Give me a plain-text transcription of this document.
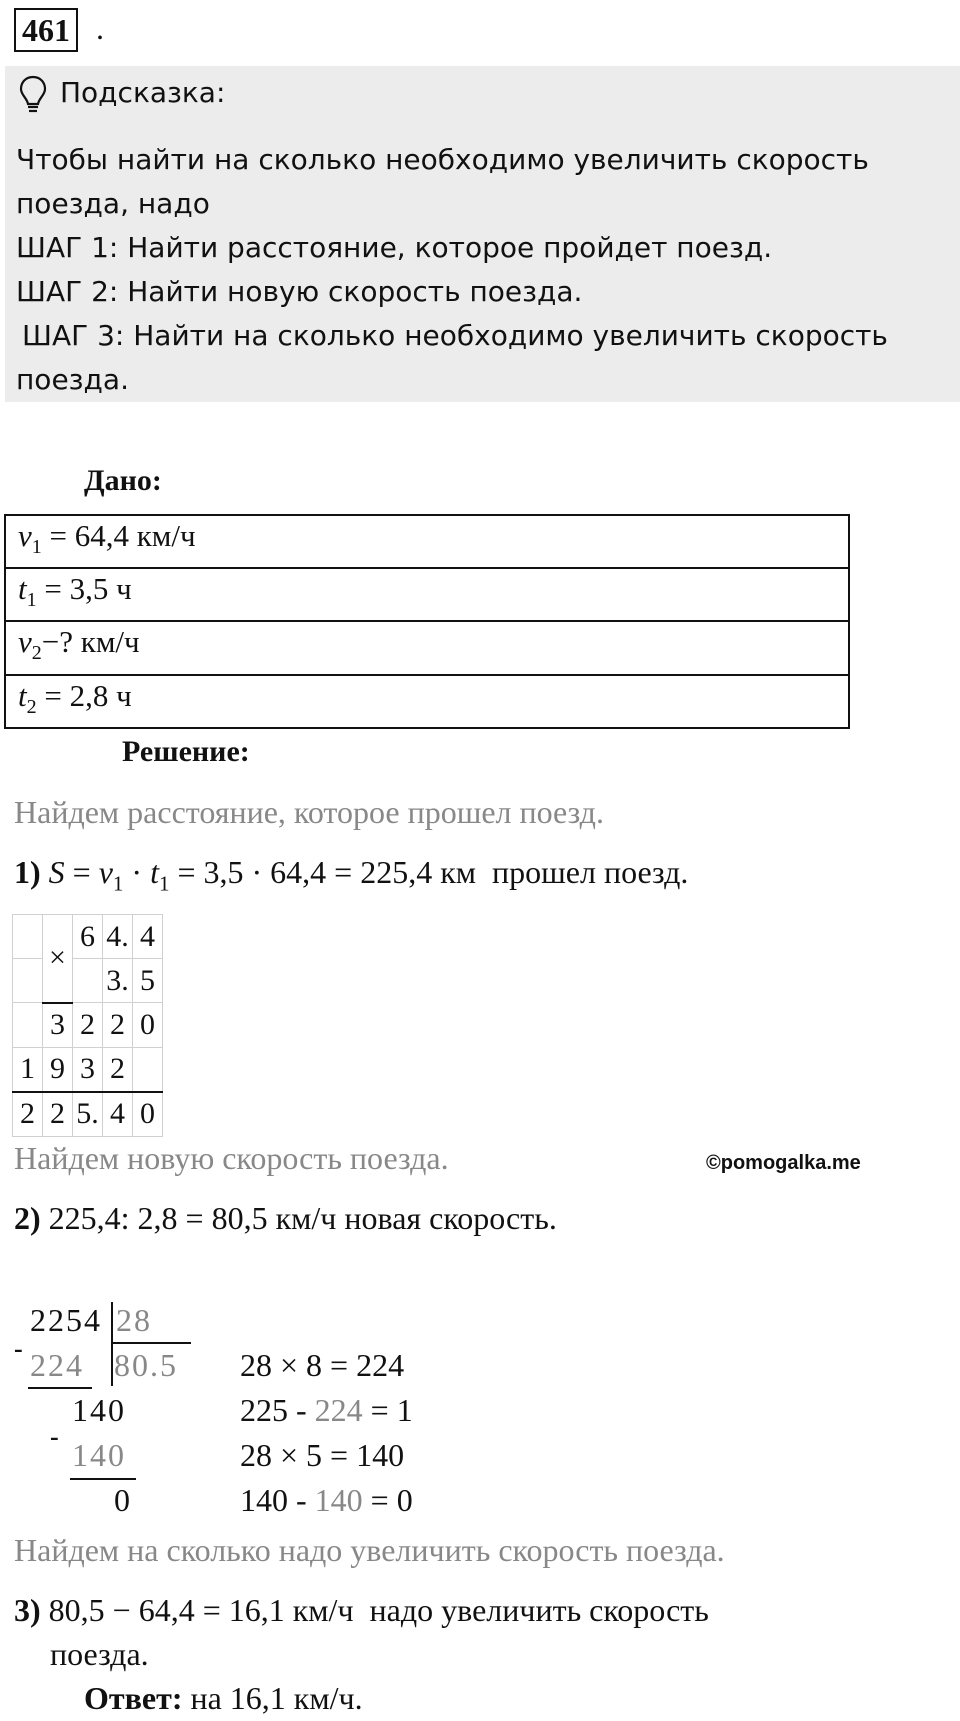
461 .
Подсказка:
Чтобы найти на сколько необходимо увеличить скорость
поезда, надо
ШАГ 1: Найти расстояние, которое пройдет поезд.
ШАГ 2: Найти новую скорость поезда.
ШАГ 3: Найти на сколько необходимо увеличить скорость
поезда.
Дано:
$v_1 = 64,4$ км/ч
$t_1 = 3,5$ ч
$v_2-$? км/ч
$t_2 = 2,8$ ч
Решение:
Найдем расстояние, которое прошел поезд.
1) $S = v_1 \cdot t_1 = 3,5 \cdot 64,4 = 225,4$ км прошел поезд.
	×	6	4.	4
			3.	5
	3	2	2	0
1	9	3	2	
2	2	5.	4	0
Найдем новую скорость поезда.	©pomogalka.me
2) 225,4: 2,8 = 80,5 км/ч новая скорость.
2254 28
- 224 80.5
140
-
140
0
28 × 8 = 224
225 - 224 = 1
28 × 5 = 140
140 - 140 = 0
Найдем на сколько надо увеличить скорость поезда.
3) 80,5 − 64,4 = 16,1 км/ч надо увеличить скорость
поезда.
Ответ: на 16,1 км/ч.
